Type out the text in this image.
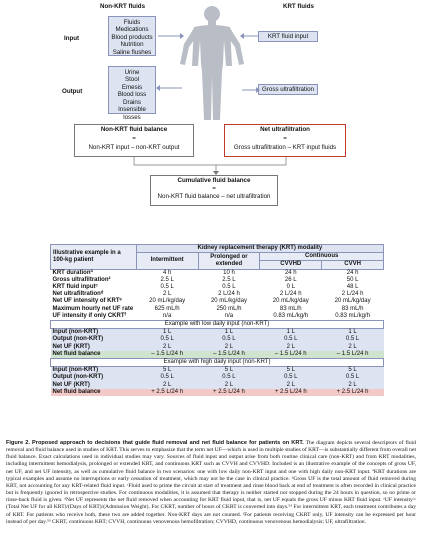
Non-KRT fluids	KRT fluids
Input
Output
Fluids
Medications
Blood products
Nutrition
Saline flushes
Urine
Stool
Emesis
Blood loss
Drains
Insensible losses
KRT fluid input
Gross ultrafiltration
Non-KRT fluid balance
=
Non-KRT input – non-KRT output
Net ultrafiltration
=
Gross ultrafiltration – KRT input fluids
Cumulative fluid balance
=
Non-KRT fluid balance – net ultrafiltration
Illustrative example in a 100-kg patient	Kidney replacement therapy (KRT) modality			
	Intermittent	Prolonged or extended	Continuous	
			CVVHD	CVVH
KRT durationª	4 h	10 h	24 h	24 h
Gross ultrafiltration²	2.5 L	2.5 L	26 L	50 L
KRT fluid inputᶜ	0.5 L	0.5 L	0 L	48 L
Net ultrafiltrationᵈ	2 L	2 L/24 h	2 L/24 h	2 L/24 h
Net UF intensity of KRTᵉ	20 mL/kg/day	20 mL/kg/day	20 mL/kg/day	20 mL/kg/day
Maximum hourly net UF rate	625 mL/h	250 mL/h	83 mL/h	83 mL/h
UF intensity if only CKRTᶠ	n/a	n/a	0.83 mL/kg/h	0.83 mL/kg/h
Example with low daily input (non-KRT)				
Input (non-KRT)	1 L	1 L	1 L	1 L
Output (non-KRT)	0.5 L	0.5 L	0.5 L	0.5 L
Net UF (KRT)	2 L	2 L	2 L	2 L
Net fluid balance	– 1.5 L/24 h	– 1.5 L/24 h	– 1.5 L/24 h	– 1.5 L/24 h
Example with high daily input (non-KRT)				
Input (non-KRT)	5 L	5 L	5 L	5 L
Output (non-KRT)	0.5 L	0.5 L	0.5 L	0.5 L
Net UF (KRT)	2 L	2 L	2 L	2 L
Net fluid balance	+ 2.5 L/24 h	+ 2.5 L/24 h	+ 2.5 L/24 h	+ 2.5 L/24 h
Figure 2. Proposed approach to decisions that guide fluid removal and net fluid balance for patients on KRT. The diagram depicts several descriptors of fluid removal and fluid balance used in studies of KRT. This serves to emphasize that the term net UF—which is used in multiple studies of KRT—is substantially different from overall net fluid balance. Exact calculations used in individual studies may vary. Sources of fluid input and output arise from both routine clinical care (non-KRT) and from KRT modalities, including intermittent hemodialysis, prolonged or extended KRT, and continuous KRT such as CVVH and CVVHD. Included is an illustrative example of the concepts of gross UF, net UF, and net UF intensity, as well as cumulative fluid balance in two scenarios: one with low daily non-KRT input and one with high daily non-KRT input. ªKRT durations are typical examples and assume no interruptions or early cessation of treatment, which may not be the case in clinical practice. ᵇGross UF is the total amount of fluid removed during KRT, not accounting for any KRT-related fluid input. ᶜFluid used to prime the circuit at start of treatment and rinse blood back at end of treatment is often recorded in clinical practice but is frequently ignored in retrospective studies. For continuous modalities, it is assumed that therapy is neither started nor stopped during the 24 hours in question, so no prime or rinse-back fluid is given. ᵈNet UF represents the net fluid removed when accounting for KRT fluid input, that is, net UF equals the gross UF minus KRT fluid input. ᵉUF intensity=(Total Net UF for all KRT)/(Days of KRT)/(Admission Weight). For CKRT, number of hours of CKRT is converted into days.⁵³ For intermittent KRT, each treatment contributes a day of KRT. For patients who receive both, these two are added together. Non-KRT days are not counted. ᶠFor patients receiving CKRT only, UF intensity can be expressed per hour instead of per day.⁵³ CKRT, continuous KRT; CVVH, continuous venovenous hemofiltration; CVVHD, continuous venovenous hemodialysis; UF, ultrafiltration.
